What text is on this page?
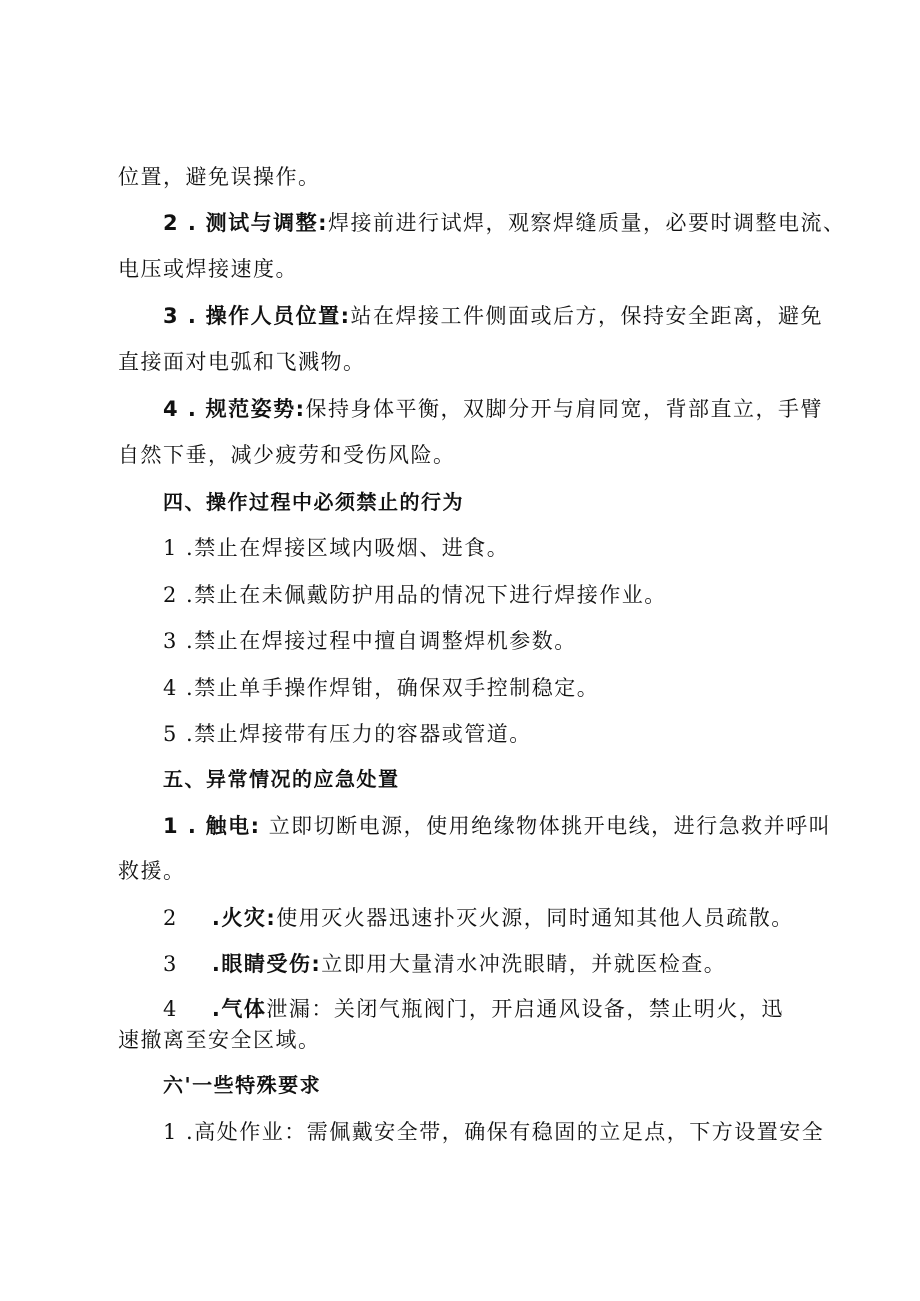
位置，避免误操作。
2 . 测试与调整:焊接前进行试焊，观察焊缝质量，必要时调整电流、
电压或焊接速度。
3 . 操作人员位置:站在焊接工件侧面或后方，保持安全距离，避免
直接面对电弧和飞溅物。
4 . 规范姿势:保持身体平衡，双脚分开与肩同宽，背部直立，手臂
自然下垂，减少疲劳和受伤风险。
四、操作过程中必须禁止的行为
1 .禁止在焊接区域内吸烟、进食。
2 .禁止在未佩戴防护用品的情况下进行焊接作业。
3 .禁止在焊接过程中擅自调整焊机参数。
4 .禁止单手操作焊钳，确保双手控制稳定。
5 .禁止焊接带有压力的容器或管道。
五、异常情况的应急处置
1 . 触电: 立即切断电源，使用绝缘物体挑开电线，进行急救并呼叫
救援。
2 .火灾:使用灭火器迅速扑灭火源，同时通知其他人员疏散。
3 .眼睛受伤:立即用大量清水冲洗眼睛，并就医检查。
4 .气体泄漏：关闭气瓶阀门，开启通风设备，禁止明火，迅
速撤离至安全区域。
六'一些特殊要求
1 .高处作业：需佩戴安全带，确保有稳固的立足点，下方设置安全
